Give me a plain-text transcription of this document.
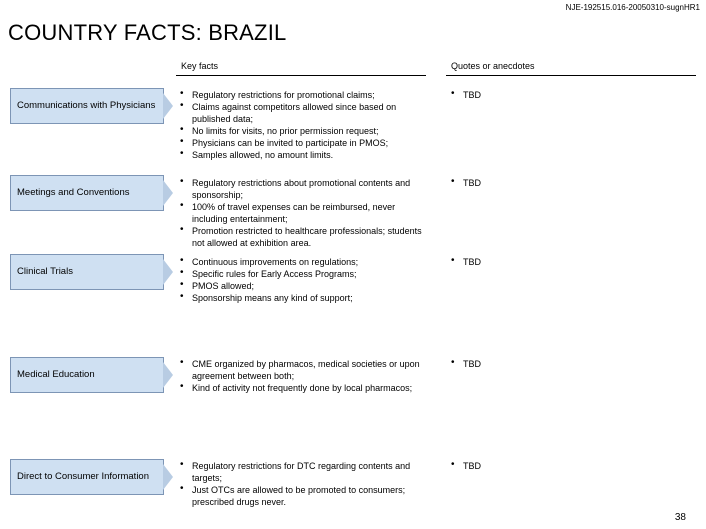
NJE-192515.016-20050310-sugnHR1
COUNTRY FACTS: BRAZIL
Key facts	Quotes or anecdotes
Communications with Physicians
• Regulatory restrictions for promotional claims;
• Claims against competitors allowed since based on published data;
• No limits for visits, no prior permission request;
• Physicians can be invited to participate in PMOS;
• Samples allowed, no amount limits.
• TBD
Meetings and Conventions
• Regulatory restrictions about promotional contents and sponsorship;
• 100% of travel expenses can be reimbursed, never including entertainment;
• Promotion restricted to healthcare professionals; students not allowed at exhibition area.
• TBD
Clinical Trials
• Continuous improvements on regulations;
• Specific rules for Early Access Programs;
• PMOS allowed;
• Sponsorship means any kind of support;
• TBD
Medical Education
• CME organized by pharmacos, medical societies or upon agreement between both;
• Kind of activity not frequently done by local pharmacos;
• TBD
Direct to Consumer Information
• Regulatory restrictions for DTC regarding contents and targets;
• Just OTCs are allowed to be promoted to consumers; prescribed drugs never.
• TBD
38
